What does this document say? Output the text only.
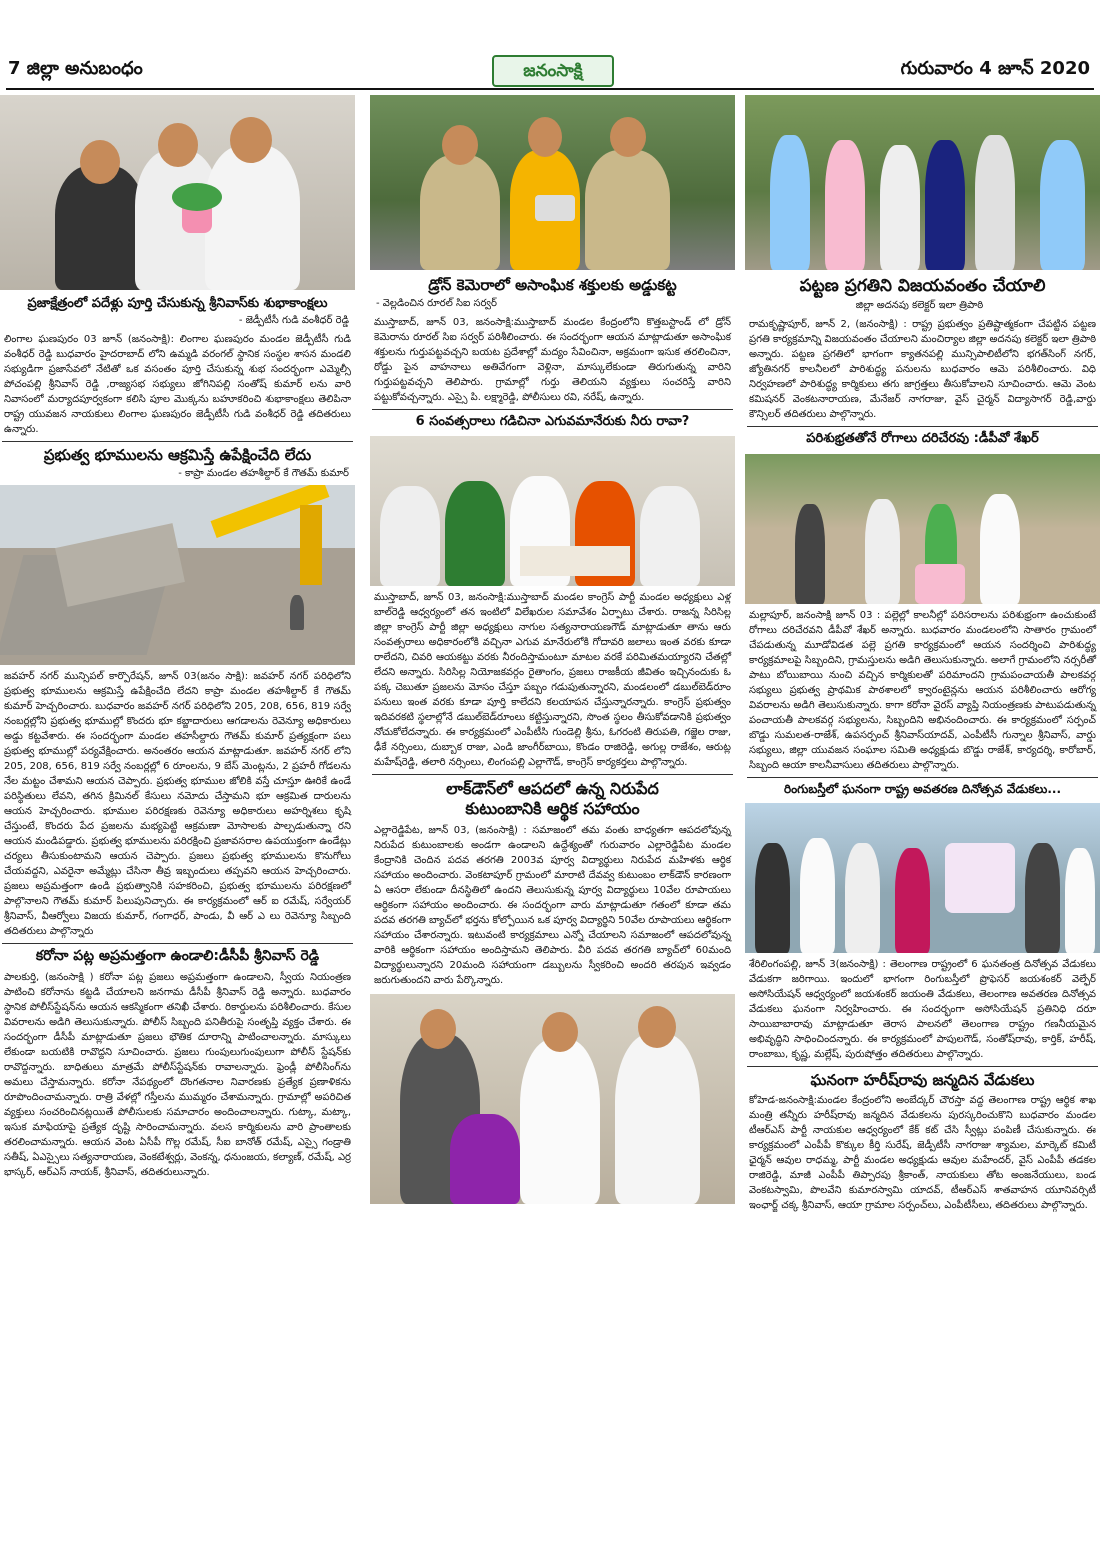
7 జిల్లా అనుబంధం	జనంసాక్షి	గురువారం 4 జూన్ 2020
ప్రజాక్షేత్రంలో పదేళ్లు పూర్తి చేసుకున్న శ్రీనివాస్‌కు శుభాకాంక్షలు
- జెడ్పీటీసీ గుడి వంశీధర్ రెడ్డి
లింగాల ఘణపురం 03 జూన్ (జనంసాక్షి): లింగాల ఘణపురం మండల జెడ్పీటీసీ గుడి వంశీధర్ రెడ్డి బుధవారం హైదరాబాద్ లోని ఉమ్మడి వరంగల్ స్థానిక సంస్థల శాసన మండలి సభ్యుడిగా ప్రజాసేవలో నేటితో ఒక వసంతం పూర్తి చేసుకున్న శుభ సందర్భంగా ఎమ్మెల్సీ పోచంపల్లి శ్రీనివాస్ రెడ్డి ,రాజ్యసభ సభ్యులు జోగినిపల్లి సంతోష్ కుమార్ లను వారి నివాసంలో మర్యాదపూర్వకంగా కలిసి పూల మొక్కను బహూకరించి శుభాకాంక్షలు తెలిపినా రాష్ట్ర యువజన నాయకులు లింగాల ఘణపురం జెడ్పీటీసీ గుడి వంశీధర్ రెడ్డి తదితరులు ఉన్నారు.
ప్రభుత్వ భూములను ఆక్రమిస్తే ఉపేక్షించేది లేదు
- కాప్రా మండల తహశీల్దార్ కే గౌతమ్ కుమార్
జవహర్ నగర్ మున్సిపల్ కార్పొరేషన్, జూన్ 03(జనం సాక్షి): జవహర్ నగర్ పరిధిలోని ప్రభుత్వ భూములను ఆక్రమిస్తే ఉపేక్షించేది లేదని కాప్రా మండల తహశీల్దార్ కే గౌతమ్ కుమార్ హెచ్చరించారు. బుధవారం జవహర్ నగర్ పరిధిలోని 205, 208, 656, 819 సర్వే నంబర్లల్లోని ప్రభుత్వ భూముల్లో కొందరు భూ కబ్జాదారులు ఆగడాలను రెవెన్యూ అధికారులు అడ్డు కట్టవేశారు. ఈ సందర్భంగా మండల తహసీల్దారు గౌతమ్ కుమార్ ప్రత్యక్షంగా పలు ప్రభుత్వ భూముల్లో పర్యవేక్షించారు. అనంతరం ఆయన మాట్లాడుతూ. జవహర్ నగర్ లోని 205, 208, 656, 819 సర్వే నంబర్లల్లో 6 రూంలను, 9 బేస్ మెంట్లను, 2 ప్రహరీ గోడలను నేల మట్టం చేశామని ఆయన చెప్పారు. ప్రభుత్వ భూముల జోలికి వస్తే చూస్తూ ఊరికే ఉండే పరిస్థితులు లేవని, తగిన క్రిమినల్ కేసులు నమోదు చేస్తామని భూ ఆక్రమిత దారులను ఆయన హెచ్చరించారు. భూముల పరిరక్షణకు రెవెన్యూ అధికారులు అహర్నిశలు కృషి చేస్తుంటే, కొందరు పేద ప్రజలను మభ్యపెట్టి ఆక్రమణా మోసాలకు పాల్పడుతున్నా రని ఆయన మండిపడ్డారు. ప్రభుత్వ భూములను పరిరక్షించి ప్రజావసరాల ఉపయుక్తంగా ఉండేట్లు చర్యలు తీసుకుంటామని ఆయన చెప్పారు. ప్రజలు ప్రభుత్వ భూములను కొనుగోలు చేయవద్దని, ఎవరైనా అమ్మేట్లు చేసినా తీవ్ర ఇబ్బందులు తప్పవని ఆయన హెచ్చరించారు. ప్రజలు అప్రమత్తంగా ఉండి ప్రభుత్వానికి సహకరించి, ప్రభుత్వ భూములను పరిరక్షణలో పాల్గొనాలని గౌతమ్ కుమార్ పిలుపునిచ్చారు. ఈ కార్యక్రమంలో ఆర్ ఐ రమేష్, సర్వేయర్ శ్రీనివాస్, వీఆర్వోలు విజయ కుమార్, గంగాధర్, పాండు, వీ ఆర్ ఎ లు రెవెన్యూ సిబ్బంది తదితరులు పాల్గొన్నారు
కరోనా పట్ల అప్రమత్తంగా ఉండాలి:డీసీపీ శ్రీనివాస్ రెడ్డి
పాలకుర్తి, (జనంసాక్షి ) కరోనా పట్ల ప్రజలు అప్రమత్తంగా ఉండాలని, స్వీయ నియంత్రణ పాటించి కరోనాను కట్టడి చేయాలని జనగామ డీసీపీ శ్రీనివాస్ రెడ్డి అన్నారు. బుధవారం స్థానిక పోలీస్‌స్టేషన్‌ను ఆయన ఆకస్మికంగా తనిఖీ చేశారు. రికార్డులను పరిశీలించారు. కేసుల వివరాలను అడిగి తెలుసుకున్నారు. పోలీస్ సిబ్బంది పనితీరుపై సంతృప్తి వ్యక్తం చేశారు. ఈ సందర్భంగా డీసీపీ మాట్లాడుతూ ప్రజలు భౌతిక దూరాన్ని పాటించాలన్నారు. మాస్కులు లేకుండా బయటికి రావొద్దని సూచించారు. ప్రజలు గుంపులుగుంపులుగా పోలీస్ స్టేషన్‌కు రావొద్దన్నారు. బాధితులు మాత్రమే పోలీస్‌స్టేషన్‌కు రావాలన్నారు. ఫ్రెండ్లీ పోలీసింగ్‌ను అమలు చేస్తామన్నారు. కరోనా నేపథ్యంలో దొంగతనాల నివారణకు ప్రత్యేక ప్రణాళికను రూపొందించామన్నారు. రాత్రి వేళల్లో గస్తీలను ముమ్మరం చేశామన్నారు. గ్రామాల్లో అపరిచిత వ్యక్తులు సంచరించినట్లయితే పోలీసులకు సమాచారం అందించాలన్నారు. గుట్కా, మట్కా, ఇసుక మాఫియాపై ప్రత్యేక దృష్టి సారించామన్నారు. వలస కార్మికులను వారి ప్రాంతాలకు తరలించామన్నారు. ఆయన వెంట ఏసీపీ గొల్ల రమేష్, సీఐ బానోత్ రమేష్, ఎస్సై గండ్రాతి సతీష్, ఏఎస్సైలు సత్యనారాయణ, వెంకటేశ్వర్లు, వెంకన్న, ధనుంజయ, కల్యాణ్, రమేష్, ఎర్ర భాస్కర్, ఆర్ఎస్ నాయక్, శ్రీనివాస్, తదితరులున్నారు.
డ్రోన్ కెమెరాలో అసాంఘిక శక్తులకు అడ్డుకట్ట
- వెల్లడించిన రూరల్ సిఐ సర్వర్
ముస్తాబాద్, జూన్ 03, జనంసాక్షి:ముస్తాబాద్ మండల కేంద్రంలోని కొత్తబస్టాండ్ లో డ్రోన్ కెమెరాను రూరల్ సిఐ సర్వర్ పరిశీలించారు. ఈ సందర్భంగా ఆయన మాట్లాడుతూ అసాంఘిక శక్తులను గుర్తుపట్టవచ్చని బయట ప్రదేశాల్లో మద్యం సేవించినా, అక్రమంగా ఇసుక తరలించినా, రోడ్డు పైన వాహనాలు అతివేగంగా వెళ్లినా, మాస్కులేకుండా తిరుగుతున్న వారిని గుర్తుపట్టవచ్చని తెలిపారు. గ్రామాల్లో గుర్తు తెలియని వ్యక్తులు సంచరిస్తే వారిని పట్టుకోవచ్చన్నారు. ఎస్సై పి. లక్ష్మారెడ్డి, పోలీసులు రవి, నరేష్, ఉన్నారు.
6 సంవత్సరాలు గడిచినా ఎగువమానేరుకు నీరు రావా?
ముస్తాబాద్, జూన్ 03, జనంసాక్షి:ముస్తాబాద్ మండల కాంగ్రెస్ పార్టీ మండల అధ్యక్షులు ఎళ్ల బాల్‌రెడ్డి ఆధ్వర్యంలో తన ఇంటిలో విలేఖరుల సమావేశం ఏర్పాటు చేశారు. రాజన్న సిరిసిల్ల జిల్లా కాంగ్రెస్ పార్టీ జిల్లా అధ్యక్షులు నాగుల సత్యనారాయణగౌడ్ మాట్లాడుతూ తాను ఆరు సంవత్సరాలు అధికారంలోకి వచ్చినా ఎగువ మానేరులోకి గోదావరి జలాలు ఇంత వరకు కూడా రాలేదని, చివరి ఆయకట్టు వరకు నీరందిస్తామంటూ మాటల వరకే పరిమితమయ్యారని చేతల్లో లేదని అన్నారు. సిరిసిల్ల నియోజకవర్గం రైతాంగం, ప్రజలు రాజకీయ జీవితం ఇచ్చినందుకు ఓ పక్క చెబుతూ ప్రజలను మోసం చేస్తూ పబ్బం గడుపుతున్నారని, మండలంలో డబుల్‌బెడ్‌రూం పనులు ఇంత వరకు కూడా పూర్తి కాలేదని కలయాపన చేస్తున్నారన్నారు. కాంగ్రెస్ ప్రభుత్వం ఇదివరకటి స్థలాల్లోనే డబుల్‌బెడ్‌రూంలు కట్టిస్తున్నారని, సొంత స్థలం తీసుకోవడానికి ప్రభుత్వం నోచుకోలేదన్నారు. ఈ కార్యక్రమంలో ఎంపీటీసి గుండెల్లి శ్రీను, ఓగరంటి తిరుపతి, గజ్జెల రాజు, ఢీకే నర్సింలు, దుబ్బాక రాజు, ఎండి జాంగీర్‌బాయి, కొండం రాజిరెడ్డి, అగుల్ల రాజేశం, ఆరుట్ల మహేష్‌రెడ్డి, తలారి నర్సింలు, లింగంపల్లి ఎల్లాగౌడ్, కాంగ్రెస్ కార్యకర్తలు పాల్గొన్నారు.
లాక్‌డౌన్‌లో ఆపదలో ఉన్న నిరుపేద
కుటుంబానికి ఆర్థిక సహాయం
ఎల్లారెడ్డిపేట, జూన్ 03, (జనంసాక్షి) : సమాజంలో తమ వంతు బాధ్యతగా ఆపదలోవున్న నిరుపేద కుటుంబాలకు అండగా ఉండాలని ఉద్దేశ్యంతో గురువారం ఎల్లారెడ్డిపేట మండల కేంద్రానికి చెందిన పదవ తరగతి 2003వ పూర్వ విద్యార్థులు నిరుపేద మహిళకు ఆర్థిక సహాయం అందించారు. వెంకటాపూర్ గ్రామంలో మారాటి దేవవ్వ కుటుంబం లాక్‌డౌన్ కారణంగా ఏ ఆసరా లేకుండా దీనస్థితిలో ఉందని తెలుసుకున్న పూర్వ విద్యార్థులు 10వేల రూపాయలు ఆర్థికంగా సహాయం అందించారు. ఈ సందర్భంగా వారు మాట్లాడుతూ గతంలో కూడా తమ పదవ తరగతి బ్యాచ్‌లో భర్తను కోల్పోయిన ఒక పూర్వ విద్యార్థిని 50వేల రూపాయలు ఆర్థికంగా సహాయం చేశారన్నారు. ఇటువంటి కార్యక్రమాలు ఎన్నో చేయాలని సమాజంలో ఆపదలోవున్న వారికి ఆర్థికంగా సహాయం అందిస్తామని తెలిపారు. వీరి పదవ తరగతి బ్యాచ్‌లో 60మంది విద్యార్థులున్నారని 20మంది సహాయంగా డబ్బులను స్వీకరించి అందరి తరపున ఇవ్వడం జరుగుతుందని వారు పేర్కొన్నారు.
పట్టణ ప్రగతిని విజయవంతం చేయాలి
జిల్లా అదనపు కలెక్టర్ ఇలా త్రిపాఠి
రామకృష్ణాపూర్, జూన్ 2, (జనంసాక్షి) : రాష్ట్ర ప్రభుత్వం ప్రతిష్టాత్మకంగా చేపట్టిన పట్టణ ప్రగతి కార్యక్రమాన్ని విజయవంతం చేయాలని మంచిర్యాల జిల్లా అదనపు కలెక్టర్ ఇలా త్రిపాఠి అన్నారు. పట్టణ ప్రగతిలో భాగంగా క్యాతనపల్లి మున్సిపాలిటీలోని భగత్‌సింగ్ నగర్, జ్యోతినగర్ కాలనీలలో పారిశుద్ధ్య పనులను బుధవారం ఆమె పరిశీలించారు. విధి నిర్వహణలో పారిశుద్ధ్య కార్మికులు తగు జాగ్రత్తలు తీసుకోవాలని సూచించారు. ఆమె వెంట కమిషనర్ వెంకటనారాయణ, మేనేజర్ నాగరాజు, వైస్ చైర్మన్ విద్యాసాగర్ రెడ్డి,వార్డు కౌన్సిలర్ తదితరులు పాల్గొన్నారు.
పరిశుభ్రతతోనే రోగాలు దరిచేరవు :డీపీవో శేఖర్
మల్లాపూర్, జనంసాక్షి జూన్ 03 : పల్లెల్లో కాలనీల్లో పరిసరాలను పరిశుభ్రంగా ఉంచుకుంటే రోగాలు దరిచేరవని డీపీవో శేఖర్ అన్నారు. బుధవారం మండలంలోని సాతారం గ్రామంలో చేపడుతున్న మూడోవిడత పల్లె ప్రగతి కార్యక్రమంలో ఆయన సందర్శించి పారిశుద్ధ్య కార్యక్రమాలపై సిబ్బందిని, గ్రామస్తులను అడిగి తెలుసుకున్నారు. అలాగే గ్రామంలోని నర్సరీతో పాటు బోయిబాయి నుంచి వచ్చిన కార్మికులతో పరిమాందని గ్రామపంచాయతీ పాలకవర్గ సభ్యులు ప్రభుత్వ ప్రాథమిక పాఠశాలలో క్వారంటైన్లను ఆయన పరిశీలించారు ఆరోగ్య వివరాలను అడిగి తెలుసుకున్నారు. కాగా కరోనా వైరస్ వ్యాప్తి నియంత్రణకు పాటుపడుతున్న పంచాయతీ పాలకవర్గ సభ్యులను, సిబ్బందిని అభినందించారు. ఈ కార్యక్రమంలో సర్పంచ్ బొడ్డు సుమలత-రాజేశ్, ఉపసర్పంచ్ శ్రీనివాస్‌యాదవ్, ఎంపీటీసీ గున్నాల శ్రీనివాస్, వార్డు సభ్యులు, జిల్లా యువజన సంఘాల సమితి అధ్యక్షుడు బొడ్డు రాజేశ్, కార్యదర్శి, కారోబార్, సిబ్బంది ఆయా కాలనీవాసులు తదితరులు పాల్గొన్నారు.
రింగుబస్తీలో ఘనంగా రాష్ట్ర అవతరణ దినోత్సవ వేడుకలు...
శేరిలింగంపల్లి, జూన్ 3(జనంసాక్షి) : తెలంగాణ రాష్ట్రంలో 6 ఘనతంత్ర దినోత్సవ వేడుకలు వేడుకగా జరిగాయి. ఇందులో భాగంగా రింగుబస్తీలో ప్రొఫెసర్ జయశంకర్ వెల్ఫేర్ అసోసియేషన్ ఆధ్వర్యంలో జయశంకర్ జయంతి వేడుకలు, తెలంగాణ అవతరణ దినోత్సవ వేడుకలు ఘనంగా నిర్వహించారు. ఈ సందర్భంగా అసోసియేషన్ ప్రతినిధి దరూ సాయిబాబారావు మాట్లాడుతూ తెరాస పాలనలో తెలంగాణ రాష్ట్రం గణనీయమైన అభివృద్ధిని సాధించిందన్నారు. ఈ కార్యక్రమంలో పాపులగౌడ్, సంతోష్‌రావు, కార్తిక్, హరీష్, రాంబాబు, కృష్ణ, మల్లేష్, పురుషోత్తం తదితరులు పాల్గొన్నారు.
ఘనంగా హరీష్‌రావు జన్మదిన వేడుకలు
కోహెడ-జనంసాక్షి:మండల కేంద్రంలోని అంబేద్కర్ చౌరస్తా వద్ద తెలంగాణ రాష్ట్ర ఆర్థిక శాఖ మంత్రి తన్నీరు హరీష్‌రావు జన్మదిన వేడుకలను పురస్కరించుకొని బుధవారం మండల టీఆర్ఎస్ పార్టీ నాయకుల ఆధ్వర్యంలో కేక్ కట్ చేసి స్వీట్లు పంపిణీ చేసుకున్నారు. ఈ కార్యక్రమంలో ఎంపీపీ కొక్కుల కీర్తి సురేష్, జెడ్పీటీసీ నాగరాజు శ్యామల, మార్కెట్ కమిటీ ఛైర్మన్ ఆవుల రాధమ్మ, పార్టీ మండల అధ్యక్షుడు ఆవుల మహేందర్, వైస్ ఎంపీపీ తడకల రాజిరెడ్డి, మాజీ ఎంపీపీ తిప్పారపు శ్రీకాంత్, నాయకులు తోట అంజనేయులు, బండ వెంకటస్వామి, పొలవేని కుమారస్వామి యాదవ్, టీఆర్ఎస్ శాతవాహన యూనివర్సిటీ ఇంఛార్జ్ చక్క శ్రీనివాస్, ఆయా గ్రామాల సర్పంచ్‌లు, ఎంపీటీసీలు, తదితరులు పాల్గొన్నారు.
